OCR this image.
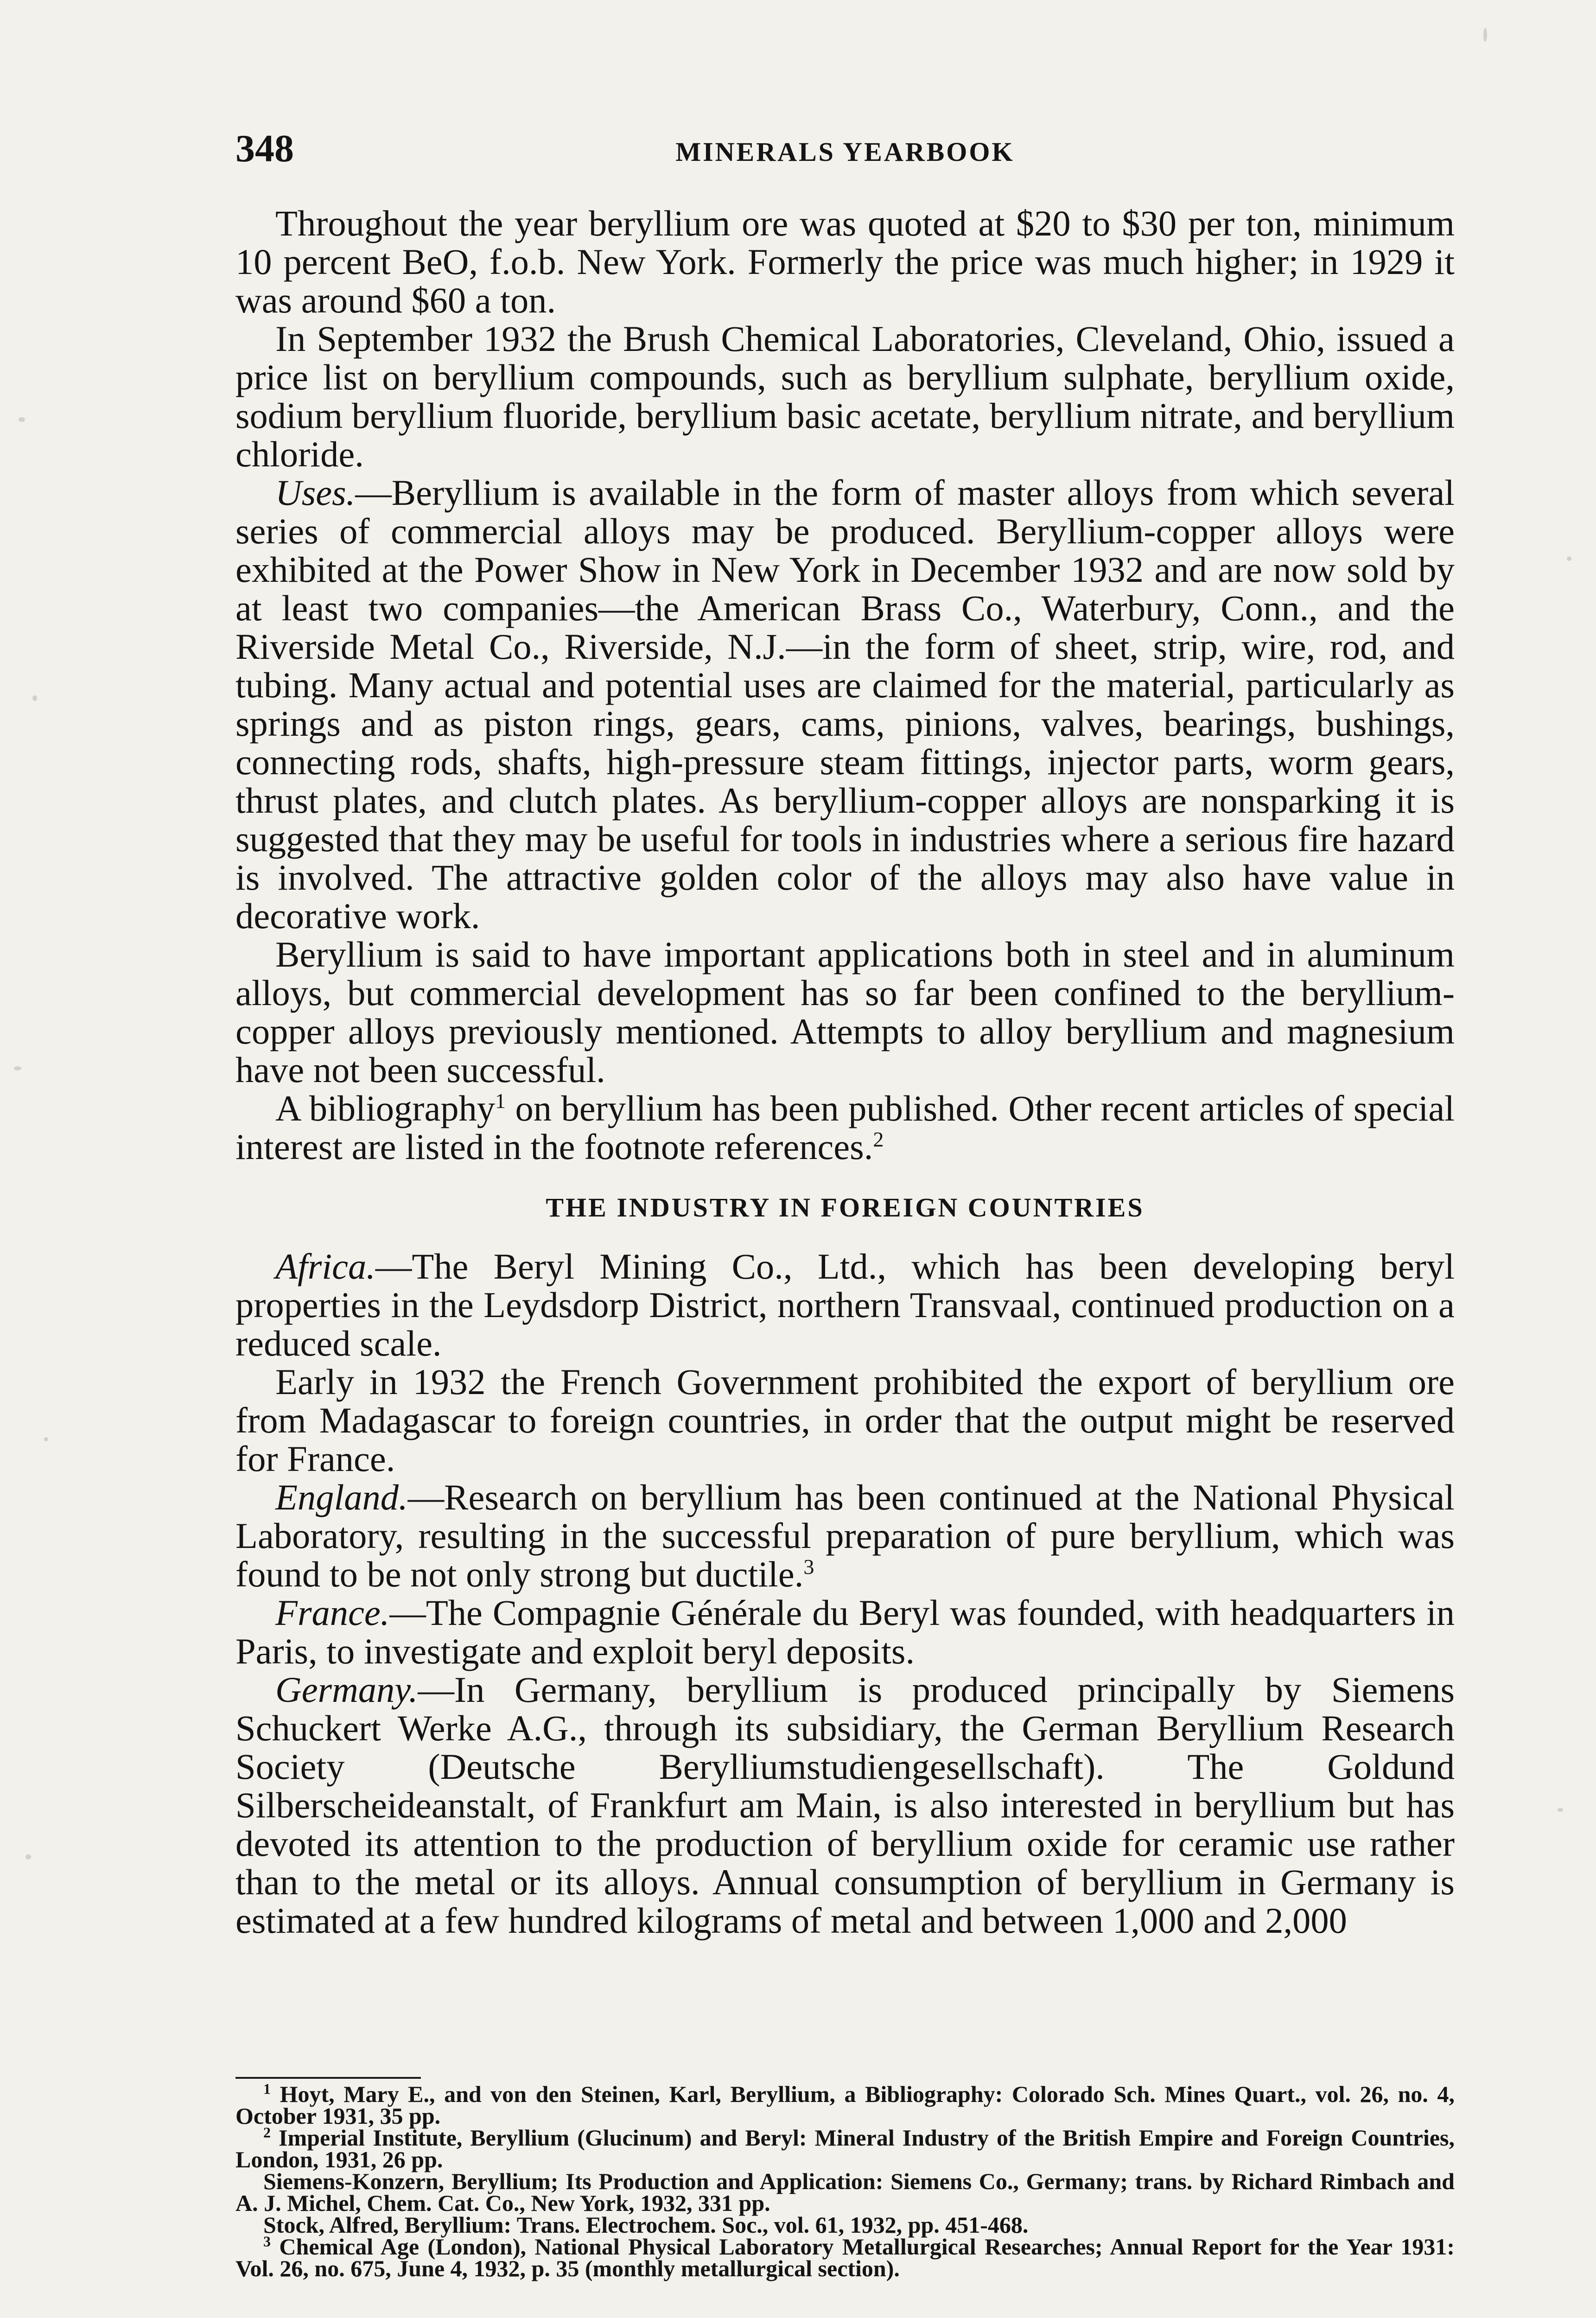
348	MINERALS YEARBOOK

Throughout the year beryllium ore was quoted at $20 to $30 per ton, minimum 10 percent BeO, f.o.b. New York. Formerly the price was much higher; in 1929 it was around $60 a ton.

In September 1932 the Brush Chemical Laboratories, Cleveland, Ohio, issued a price list on beryllium compounds, such as beryllium sulphate, beryllium oxide, sodium beryllium fluoride, beryllium basic acetate, beryllium nitrate, and beryllium chloride.

Uses.—Beryllium is available in the form of master alloys from which several series of commercial alloys may be produced. Beryllium-copper alloys were exhibited at the Power Show in New York in December 1932 and are now sold by at least two companies—the American Brass Co., Waterbury, Conn., and the Riverside Metal Co., Riverside, N.J.—in the form of sheet, strip, wire, rod, and tubing. Many actual and potential uses are claimed for the material, particularly as springs and as piston rings, gears, cams, pinions, valves, bearings, bushings, connecting rods, shafts, high-pressure steam fittings, injector parts, worm gears, thrust plates, and clutch plates. As beryllium-copper alloys are nonsparking it is suggested that they may be useful for tools in industries where a serious fire hazard is involved. The attractive golden color of the alloys may also have value in decorative work.

Beryllium is said to have important applications both in steel and in aluminum alloys, but commercial development has so far been confined to the beryllium-copper alloys previously mentioned. Attempts to alloy beryllium and magnesium have not been successful.

A bibliography$^1$ on beryllium has been published. Other recent articles of special interest are listed in the footnote references.$^2$

THE INDUSTRY IN FOREIGN COUNTRIES

Africa.—The Beryl Mining Co., Ltd., which has been developing beryl properties in the Leydsdorp District, northern Transvaal, continued production on a reduced scale.

Early in 1932 the French Government prohibited the export of beryllium ore from Madagascar to foreign countries, in order that the output might be reserved for France.

England.—Research on beryllium has been continued at the National Physical Laboratory, resulting in the successful preparation of pure beryllium, which was found to be not only strong but ductile.$^3$

France.—The Compagnie Générale du Beryl was founded, with headquarters in Paris, to investigate and exploit beryl deposits.

Germany.—In Germany, beryllium is produced principally by Siemens Schuckert Werke A.G., through its subsidiary, the German Beryllium Research Society (Deutsche Berylliumstudiengesellschaft). The Goldund Silberscheideanstalt, of Frankfurt am Main, is also interested in beryllium but has devoted its attention to the production of beryllium oxide for ceramic use rather than to the metal or its alloys. Annual consumption of beryllium in Germany is estimated at a few hundred kilograms of metal and between 1,000 and 2,000

$^1$ Hoyt, Mary E., and von den Steinen, Karl, Beryllium, a Bibliography: Colorado Sch. Mines Quart., vol. 26, no. 4, October 1931, 35 pp.

$^2$ Imperial Institute, Beryllium (Glucinum) and Beryl: Mineral Industry of the British Empire and Foreign Countries, London, 1931, 26 pp.

Siemens-Konzern, Beryllium; Its Production and Application: Siemens Co., Germany; trans. by Richard Rimbach and A. J. Michel, Chem. Cat. Co., New York, 1932, 331 pp.

Stock, Alfred, Beryllium: Trans. Electrochem. Soc., vol. 61, 1932, pp. 451-468.

$^3$ Chemical Age (London), National Physical Laboratory Metallurgical Researches; Annual Report for the Year 1931: Vol. 26, no. 675, June 4, 1932, p. 35 (monthly metallurgical section).
